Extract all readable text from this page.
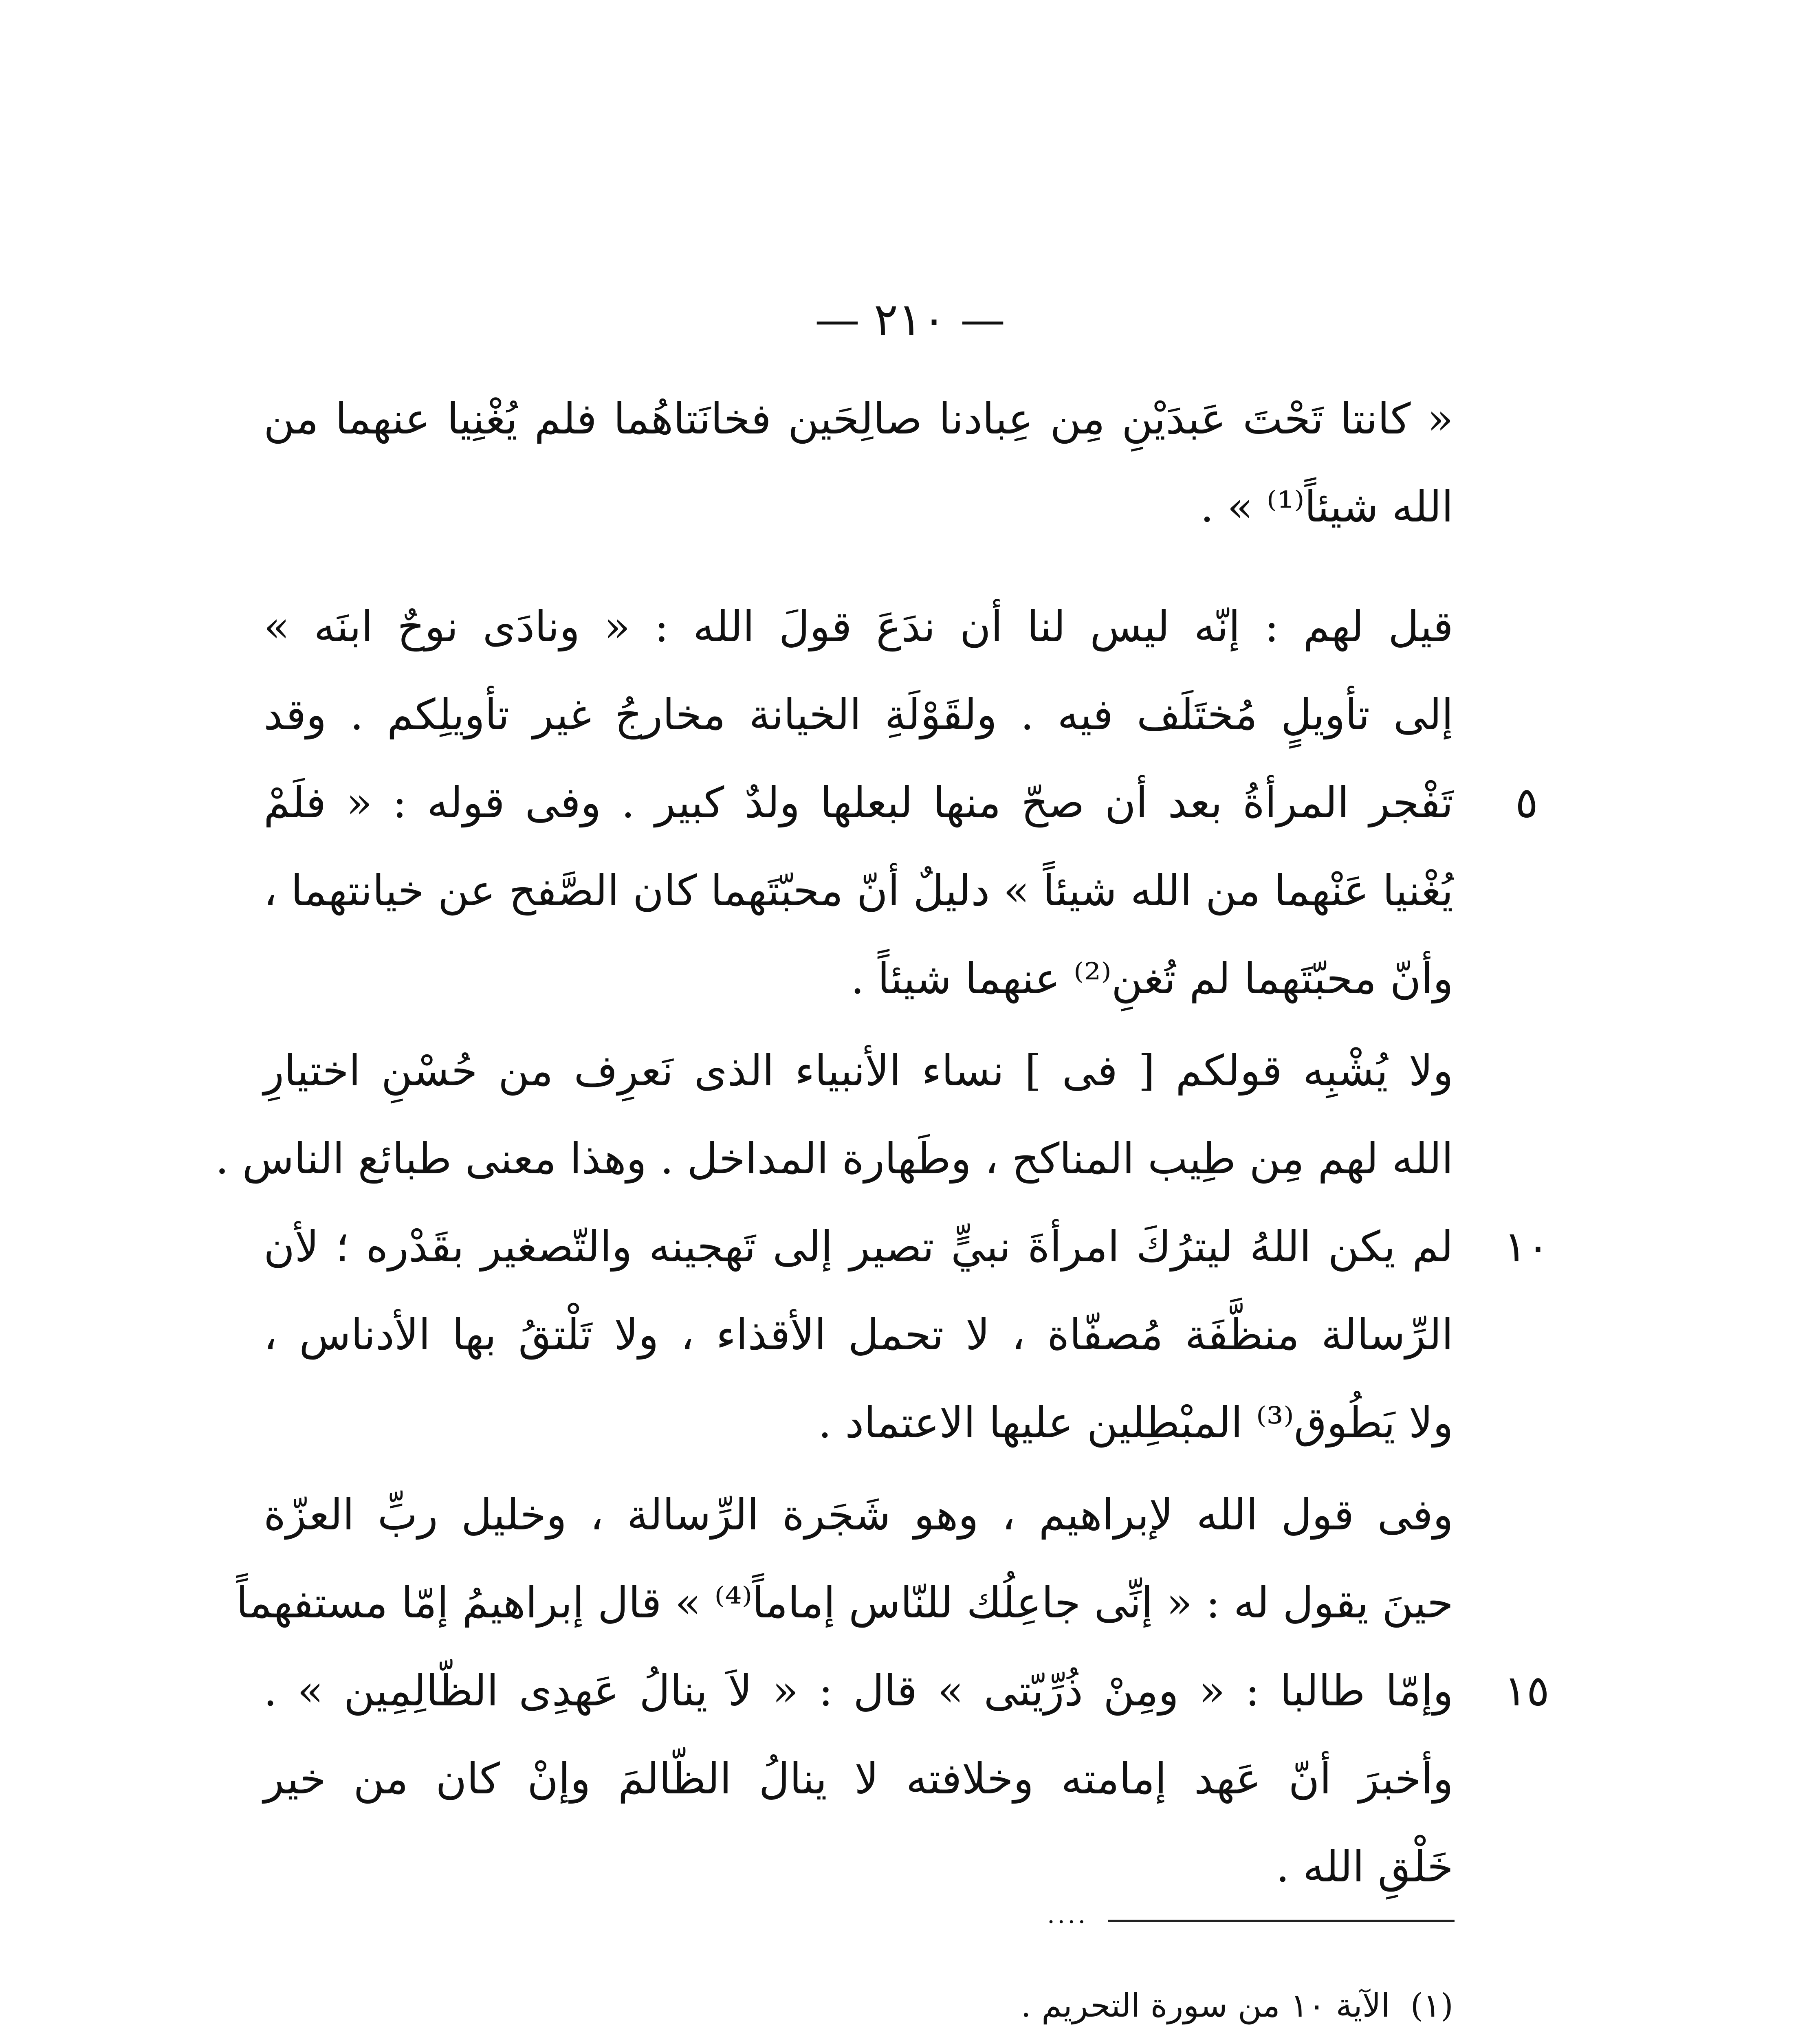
— ٢١٠ —
« كانتا تَحْتَ عَبدَيْنِ مِن عِبادنا صالِحَين فخانَتاهُما فلم يُغْنِيا عنهما من
الله شيئاً⁽¹⁾ » .
قيل لهم : إنّه ليس لنا أن ندَعَ قولَ الله : « ونادَى نوحٌ ابنَه »
إلى تأويلٍ مُختَلَف فيه . ولقَوْلَةِ الخيانة مخارجُ غير تأويلِكم . وقد
تَفْجر المرأةُ بعد أن صحّ منها لبعلها ولدٌ كبير . وفى قوله : « فلَمْ
يُغْنيا عَنْهما من الله شيئاً » دليلٌ أنّ محبّتَهما كان الصَّفح عن خيانتهما ،
وأنّ محبّتَهما لم تُغنِ⁽²⁾ عنهما شيئاً .
ولا يُشْبِه قولكم [ فى ] نساء الأنبياء الذى نَعرِف من حُسْنِ اختيارِ
الله لهم مِن طِيب المناكح ، وطَهارة المداخل . وهذا معنى طبائع الناس .
لم يكن اللهُ ليترُكَ امرأةَ نبيٍّ تصير إلى تَهجينه والتّصغير بقَدْره ؛ لأن
الرِّسالة منظَّفَة مُصفّاة ، لا تحمل الأقذاء ، ولا تَلْتقُ بها الأدناس ،
ولا يَطُوق⁽³⁾ المبْطِلين عليها الاعتماد .
وفى قول الله لإبراهيم ، وهو شَجَرة الرِّسالة ، وخليل ربِّ العزّة
حينَ يقول له : « إنِّى جاعِلُك للنّاس إماماً⁽⁴⁾ » قال إبراهيمُ إمّا مستفهماً
وإمّا طالبا : « ومِنْ ذُرِّيّتى » قال : « لاَ ينالُ عَهدِى الظّالِمِين » .
وأخبرَ أنّ عَهد إمامته وخلافته لا ينالُ الظّالمَ وإنْ كان من خير
خَلْقِ الله .
٥
١٠
١٥
....
(١)الآية ١٠ من سورة التحريم .
